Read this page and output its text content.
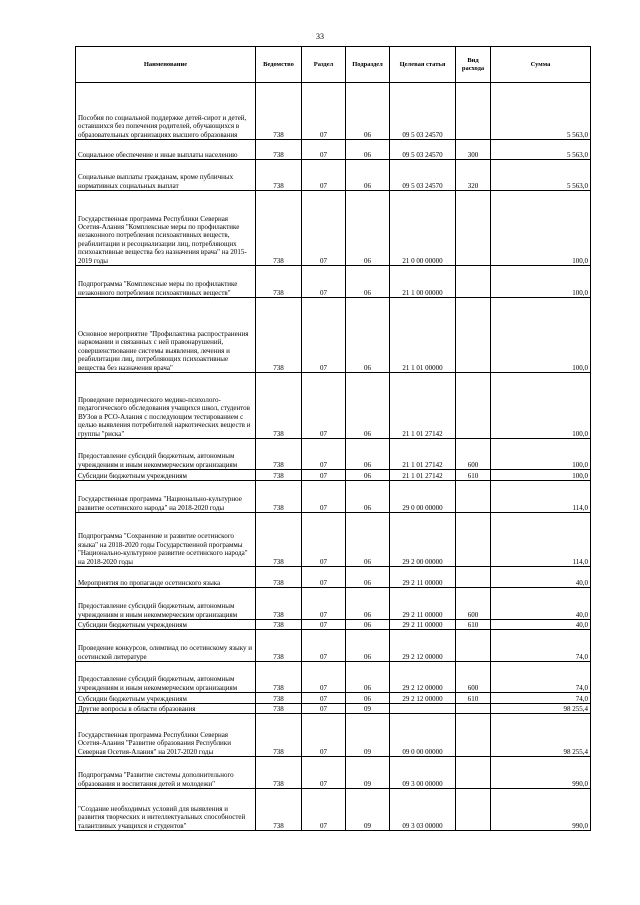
33
Наименование	Ведомство	Раздел	Подраздел	Целевая статья	Вид расхода	Сумма
Пособия по социальной поддержке детей-сирот и детей, оставшихся без попечения родителей, обучающихся в образовательных организациях высшего образования	738	07	06	09 5 03 24570		5 563,0
Социальное обеспечение и иные выплаты населению	738	07	06	09 5 03 24570	300	5 563,0
Социальные выплаты гражданам, кроме публичных нормативных социальных выплат	738	07	06	09 5 03 24570	320	5 563,0
Государственная программа Республики Северная Осетия-Алания "Комплексные меры по профилактике незаконного потребления психоактивных веществ, реабилитации и ресоциализации лиц, потребляющих психоактивные вещества без назначения врача" на 2015-2019 годы	738	07	06	21 0 00 00000		100,0
Подпрограмма "Комплексные меры по профилактике незаконного потребления психоактивных веществ"	738	07	06	21 1 00 00000		100,0
Основное мероприятие "Профилактика распространения наркомании и связанных с ней правонарушений, совершенствование системы выявления, лечения и реабилитации лиц, потребляющих психоактивные вещества без назначения врача"	738	07	06	21 1 01 00000		100,0
Проведение периодического медико-психолого-педагогического обследования учащихся школ, студентов ВУЗов в РСО-Алания с последующим тестированием с целью выявления потребителей наркотических веществ и группы "риска"	738	07	06	21 1 01 27142		100,0
Предоставление субсидий бюджетным, автономным учреждениям и иным некоммерческим организациям	738	07	06	21 1 01 27142	600	100,0
Субсидии бюджетным учреждениям	738	07	06	21 1 01 27142	610	100,0
Государственная программа "Национально-культурное развитие осетинского народа" на 2018-2020 годы	738	07	06	29 0 00 00000		114,0
Подпрограмма "Сохранение и развитие осетинского языка" на 2018-2020 годы Государственной программы "Национально-культурное развитие осетинского народа" на 2018-2020 годы	738	07	06	29 2 00 00000		114,0
Мероприятия по пропаганде осетинского языка	738	07	06	29 2 11 00000		40,0
Предоставление субсидий бюджетным, автономным учреждениям и иным некоммерческим организациям	738	07	06	29 2 11 00000	600	40,0
Субсидии бюджетным учреждениям	738	07	06	29 2 11 00000	610	40,0
Проведение конкурсов, олимпиад по осетинскому языку и осетинской литературе	738	07	06	29 2 12 00000		74,0
Предоставление субсидий бюджетным, автономным учреждениям и иным некоммерческим организациям	738	07	06	29 2 12 00000	600	74,0
Субсидии бюджетным учреждениям	738	07	06	29 2 12 00000	610	74,0
Другие вопросы в области образования	738	07	09			98 255,4
Государственная программа Республики Северная Осетия-Алания "Развитие образования Республики Северная Осетия-Алания" на 2017-2020 годы	738	07	09	09 0 00 00000		98 255,4
Подпрограмма "Развитие системы дополнительного образования и воспитания детей и молодежи"	738	07	09	09 3 00 00000		990,0
"Создание необходимых условий для выявления и развития творческих и интеллектуальных способностей талантливых учащихся и студентов"	738	07	09	09 3 03 00000		990,0
